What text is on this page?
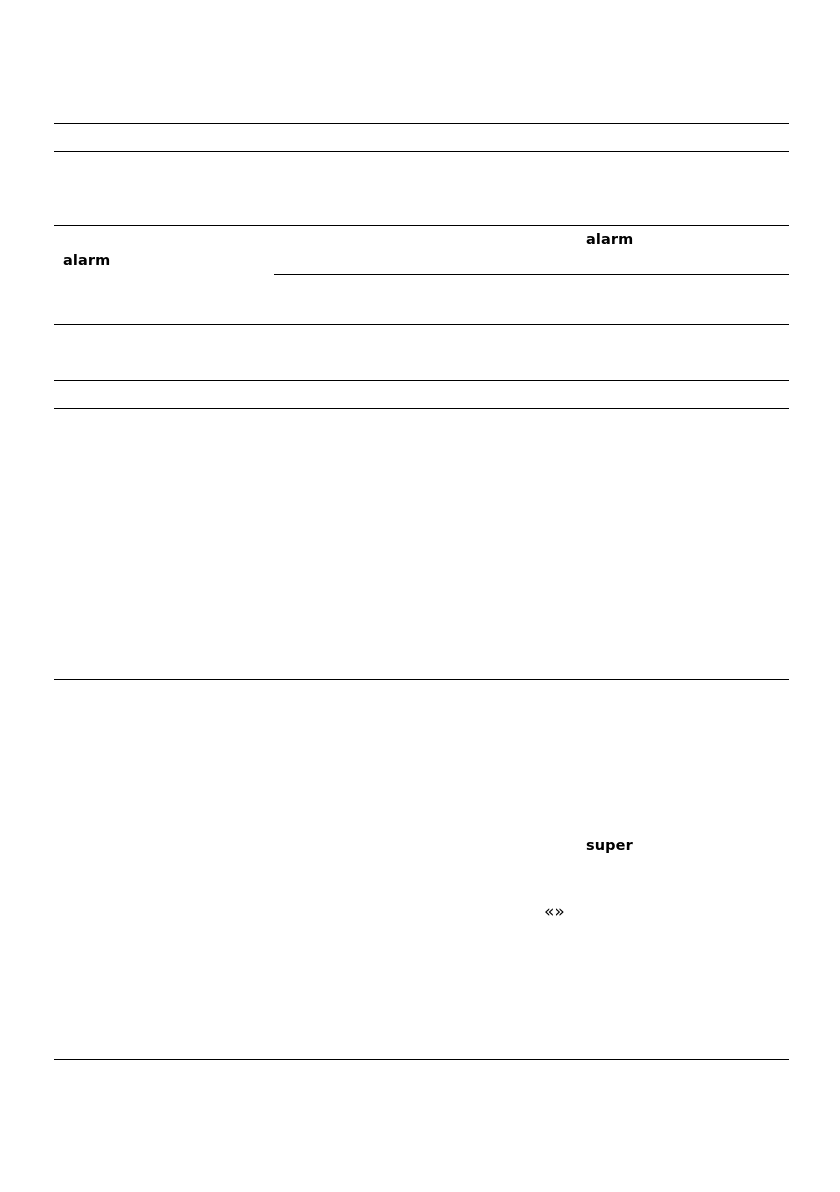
alarm
alarm
super
«»
